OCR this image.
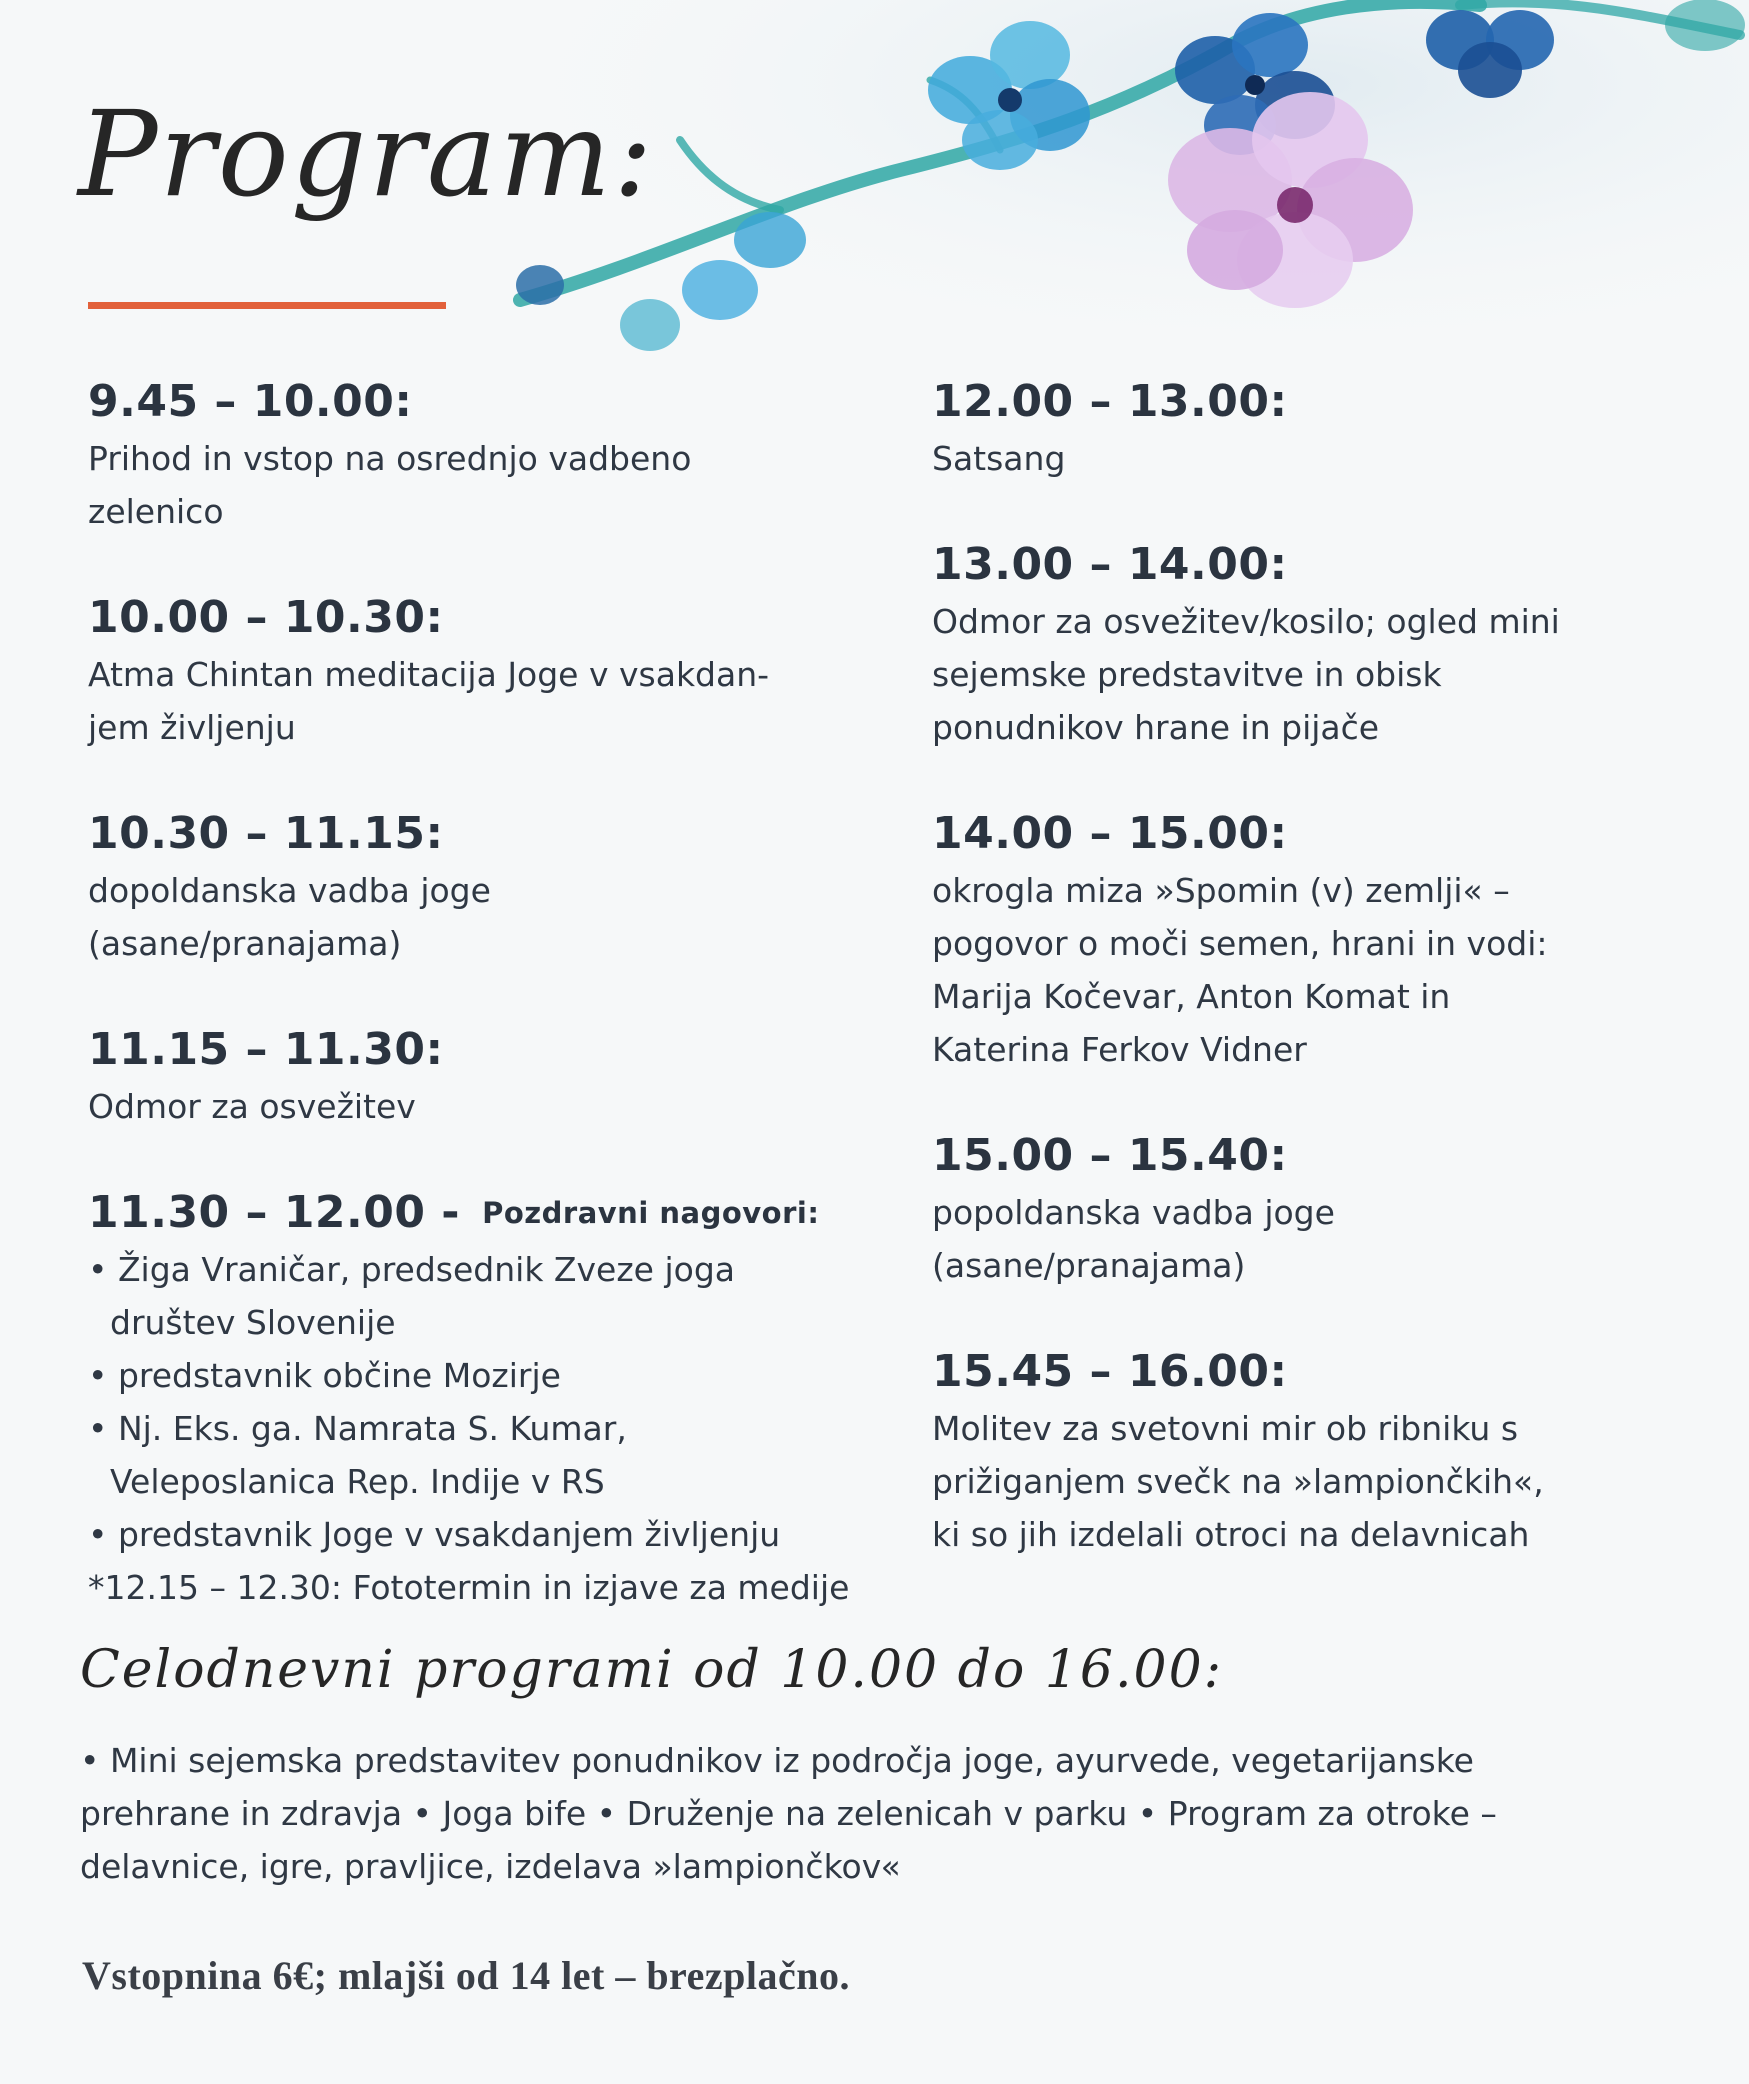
Program:
9.45 – 10.00:
Prihod in vstop na osrednjo vadbeno
zelenico
10.00 – 10.30:
Atma Chintan meditacija Joge v vsakdan-
jem življenju
10.30 – 11.15:
dopoldanska vadba joge
(asane/pranajama)
11.15 – 11.30:
Odmor za osvežitev
11.30 – 12.00 - Pozdravni nagovori:
• Žiga Vraničar, predsednik Zveze joga
društev Slovenije
• predstavnik občine Mozirje
• Nj. Eks. ga. Namrata S. Kumar,
Veleposlanica Rep. Indije v RS
• predstavnik Joge v vsakdanjem življenju
*12.15 – 12.30: Fototermin in izjave za medije
12.00 – 13.00:
Satsang
13.00 – 14.00:
Odmor za osvežitev/kosilo; ogled mini
sejemske predstavitve in obisk
ponudnikov hrane in pijače
14.00 – 15.00:
okrogla miza »Spomin (v) zemlji« –
pogovor o moči semen, hrani in vodi:
Marija Kočevar, Anton Komat in
Katerina Ferkov Vidner
15.00 – 15.40:
popoldanska vadba joge
(asane/pranajama)
15.45 – 16.00:
Molitev za svetovni mir ob ribniku s
prižiganjem svečk na »lampiončkih«,
ki so jih izdelali otroci na delavnicah
Celodnevni programi od 10.00 do 16.00:
• Mini sejemska predstavitev ponudnikov iz področja joge, ayurvede, vegetarijanske
prehrane in zdravja • Joga bife • Druženje na zelenicah v parku • Program za otroke –
delavnice, igre, pravljice, izdelava »lampiončkov«
Vstopnina 6€; mlajši od 14 let – brezplačno.
